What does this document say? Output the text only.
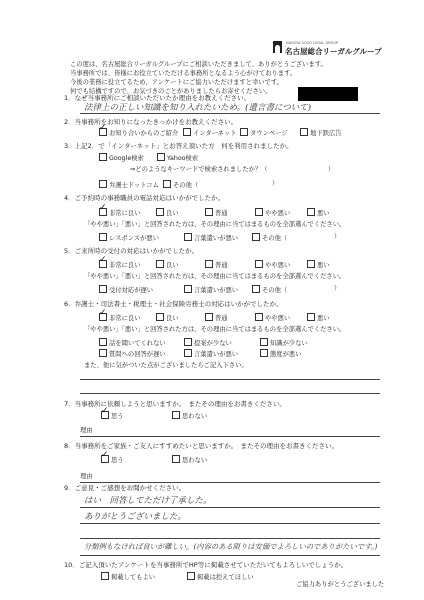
NAGOYA SOGO LEGAL GROUP
名古屋総合リーガルグループ
この度は、名古屋総合リーガルグループにご相談いただきまして、ありがとうございます。
当事務所では、皆様にお役立ていただける事務所となるよう心がけております。
今後の業務に役立てるため、アンケートにご協力いただけますと幸いです。
何でも結構ですので、お気づきのことがありましたらお寄せください。
1．なぜ当事務所にご相談いただいたか理由をお教えください。
法律上の正しい知識を知り入れたいため。(遺言書について)
2．当事務所をお知りになったきっかけをお教えください。
✓お知り合いからのご紹介	インターネット	タウンページ	地下鉄広告
3．上記2．で「インターネット」とお答え頂いた方　何を利用されましたか。
Google検索	Yahoo検索
⇒どのようなキーワードで検索されましたか？（	）
弁護士ドットコム	その他（	）
4．ご予約時の事務職員の電話対応はいかがでしたか。
✓非常に良い	良い	普通	やや悪い	悪い
「やや悪い」「悪い」と回答された方は、その理由に当てはまるものを全部選んでください。
レスポンスが悪い	言葉遣いが悪い	その他（	）
5．ご来所時の受付の対応はいかがでしたか。
✓非常に良い	良い	普通	やや悪い	悪い
「やや悪い」「悪い」と回答された方は、その理由に当てはまるものを全部選んでください。
受付対応が遅い	言葉遣いが悪い	その他（	）
6．弁護士・司法書士・税理士・社会保険労務士の対応はいかがでしたか。
✓非常に良い	良い	普通	やや悪い	悪い
「やや悪い」「悪い」と回答された方は、その理由に当てはまるものを全部選んでください。
話を聞いてくれない	提案が少ない	知識が少ない
質問への回答が遅い	言葉遣いが悪い	態度が悪い
また、他に気がついた点がございましたらご記入下さい。
7．当事務所に依頼しようと思いますか。　またその理由をお書きください。
✓思う	思わない
理由
8．当事務所をご家族・ご友人にすすめたいと思いますか。　またその理由をお書きください。
✓思う	思わない
理由
9．ご意見・ご感想をお聞かせください。
はい　回答してただけ了承した。
ありがとうございました。
分類例もなければ良いが難しい。(内容のある限りは安価でよろしいのでありがたいです。)
10．ご記入頂いたアンケートを当事務所でHP等に掲載させていただいてもよろしいでしょうか。
掲載してもよい	掲載は控えてほしい
ご協力ありがとうございました
